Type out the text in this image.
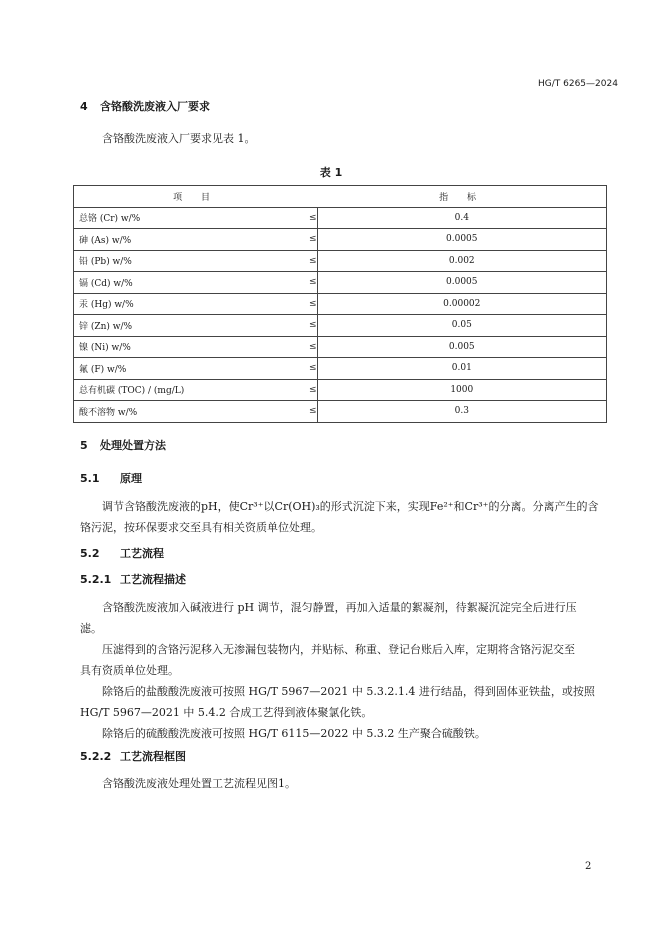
HG/T 6265—2024
4 含铬酸洗废液入厂要求
含铬酸洗废液入厂要求见表 1。
表 1
项 目		指 标
总铬 (Cr) w/%	≤	0.4
砷 (As) w/%	≤	0.0005
铅 (Pb) w/%	≤	0.002
镉 (Cd) w/%	≤	0.0005
汞 (Hg) w/%	≤	0.00002
锌 (Zn) w/%	≤	0.05
镍 (Ni) w/%	≤	0.005
氟 (F) w/%	≤	0.01
总有机碳 (TOC) / (mg/L)	≤	1000
酸不溶物 w/%	≤	0.3
5 处理处置方法
5.1 原理
调节含铬酸洗废液的pH，使Cr³⁺以Cr(OH)₃的形式沉淀下来，实现Fe²⁺和Cr³⁺的分离。分离产生的含
铬污泥，按环保要求交至具有相关资质单位处理。
5.2 工艺流程
5.2.1 工艺流程描述
含铬酸洗废液加入碱液进行 pH 调节，混匀静置，再加入适量的絮凝剂，待絮凝沉淀完全后进行压
滤。
压滤得到的含铬污泥移入无渗漏包装物内，并贴标、称重、登记台账后入库，定期将含铬污泥交至
具有资质单位处理。
除铬后的盐酸酸洗废液可按照 HG/T 5967—2021 中 5.3.2.1.4 进行结晶，得到固体亚铁盐，或按照
HG/T 5967—2021 中 5.4.2 合成工艺得到液体聚氯化铁。
除铬后的硫酸酸洗废液可按照 HG/T 6115—2022 中 5.3.2 生产聚合硫酸铁。
5.2.2 工艺流程框图
含铬酸洗废液处理处置工艺流程见图1。
2
